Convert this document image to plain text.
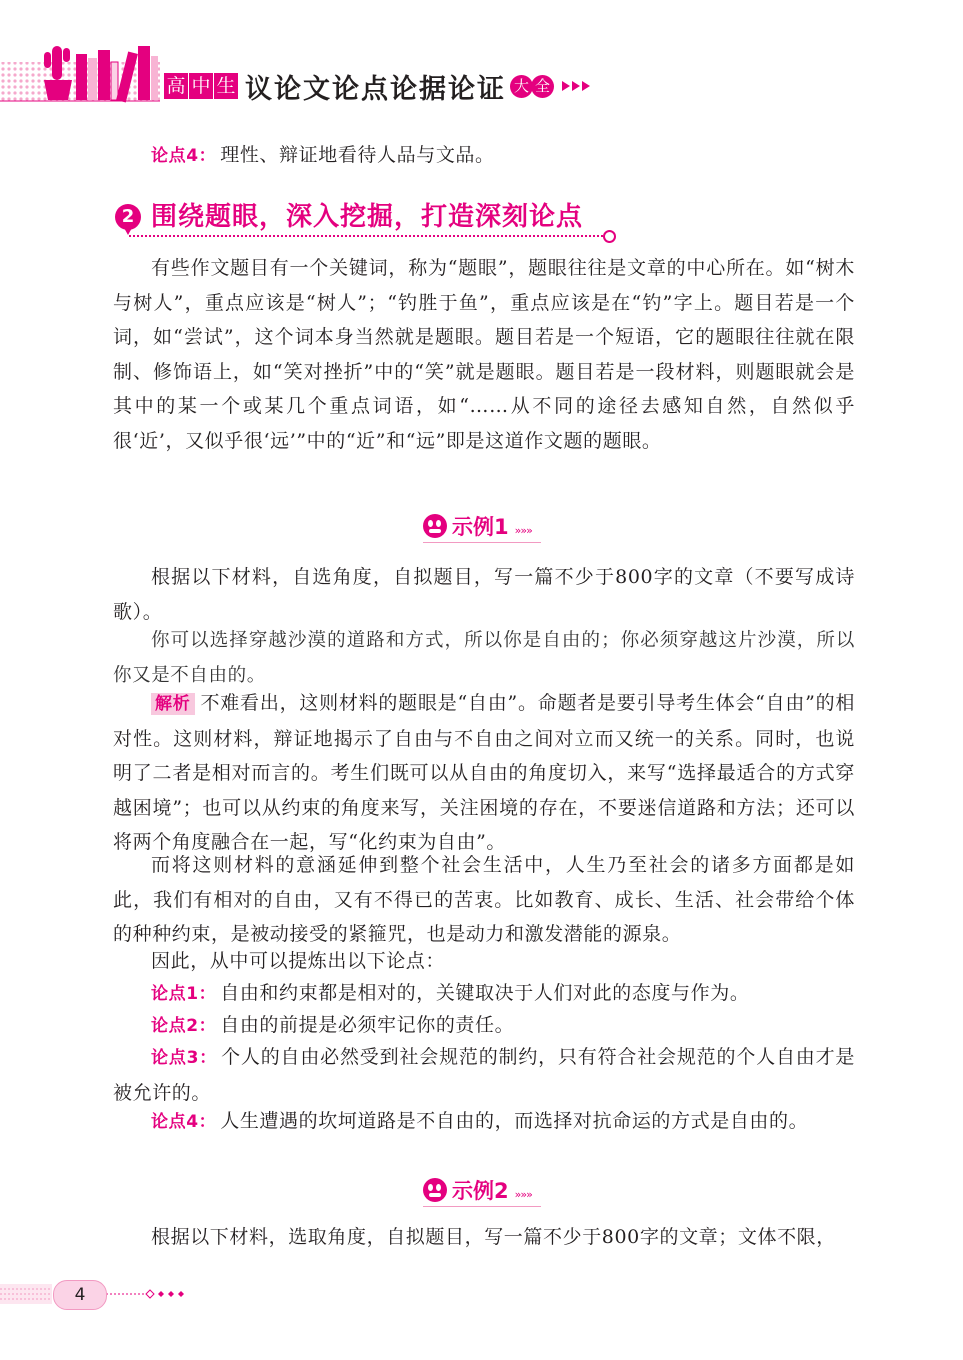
高 中 生 议论文论点论据论证 大 全

论点4： 理性、辩证地看待人品与文品。

2 围绕题眼，深入挖掘，打造深刻论点

有些作文题目有一个关键词，称为“题眼”，题眼往往是文章的中心所在。如“树木与树人”，重点应该是“树人”；“钓胜于鱼”，重点应该是在“钓”字上。题目若是一个词，如“尝试”，这个词本身当然就是题眼。题目若是一个短语，它的题眼往往就在限制、修饰语上，如“笑对挫折”中的“笑”就是题眼。题目若是一段材料，则题眼就会是其中的某一个或某几个重点词语，如“……从不同的途径去感知自然，自然似乎很‘近’，又似乎很‘远’”中的“近”和“远”即是这道作文题的题眼。

示例1 »»»

根据以下材料，自选角度，自拟题目，写一篇不少于800字的文章（不要写成诗歌）。

你可以选择穿越沙漠的道路和方式，所以你是自由的；你必须穿越这片沙漠，所以你又是不自由的。

解析 不难看出，这则材料的题眼是“自由”。命题者是要引导考生体会“自由”的相对性。这则材料，辩证地揭示了自由与不自由之间对立而又统一的关系。同时，也说明了二者是相对而言的。考生们既可以从自由的角度切入，来写“选择最适合的方式穿越困境”；也可以从约束的角度来写，关注困境的存在，不要迷信道路和方法；还可以将两个角度融合在一起，写“化约束为自由”。

而将这则材料的意涵延伸到整个社会生活中，人生乃至社会的诸多方面都是如此，我们有相对的自由，又有不得已的苦衷。比如教育、成长、生活、社会带给个体的种种约束，是被动接受的紧箍咒，也是动力和激发潜能的源泉。

因此，从中可以提炼出以下论点：

论点1： 自由和约束都是相对的，关键取决于人们对此的态度与作为。

论点2： 自由的前提是必须牢记你的责任。

论点3： 个人的自由必然受到社会规范的制约，只有符合社会规范的个人自由才是被允许的。

论点4： 人生遭遇的坎坷道路是不自由的，而选择对抗命运的方式是自由的。

示例2 »»»

根据以下材料，选取角度，自拟题目，写一篇不少于800字的文章；文体不限，

4
